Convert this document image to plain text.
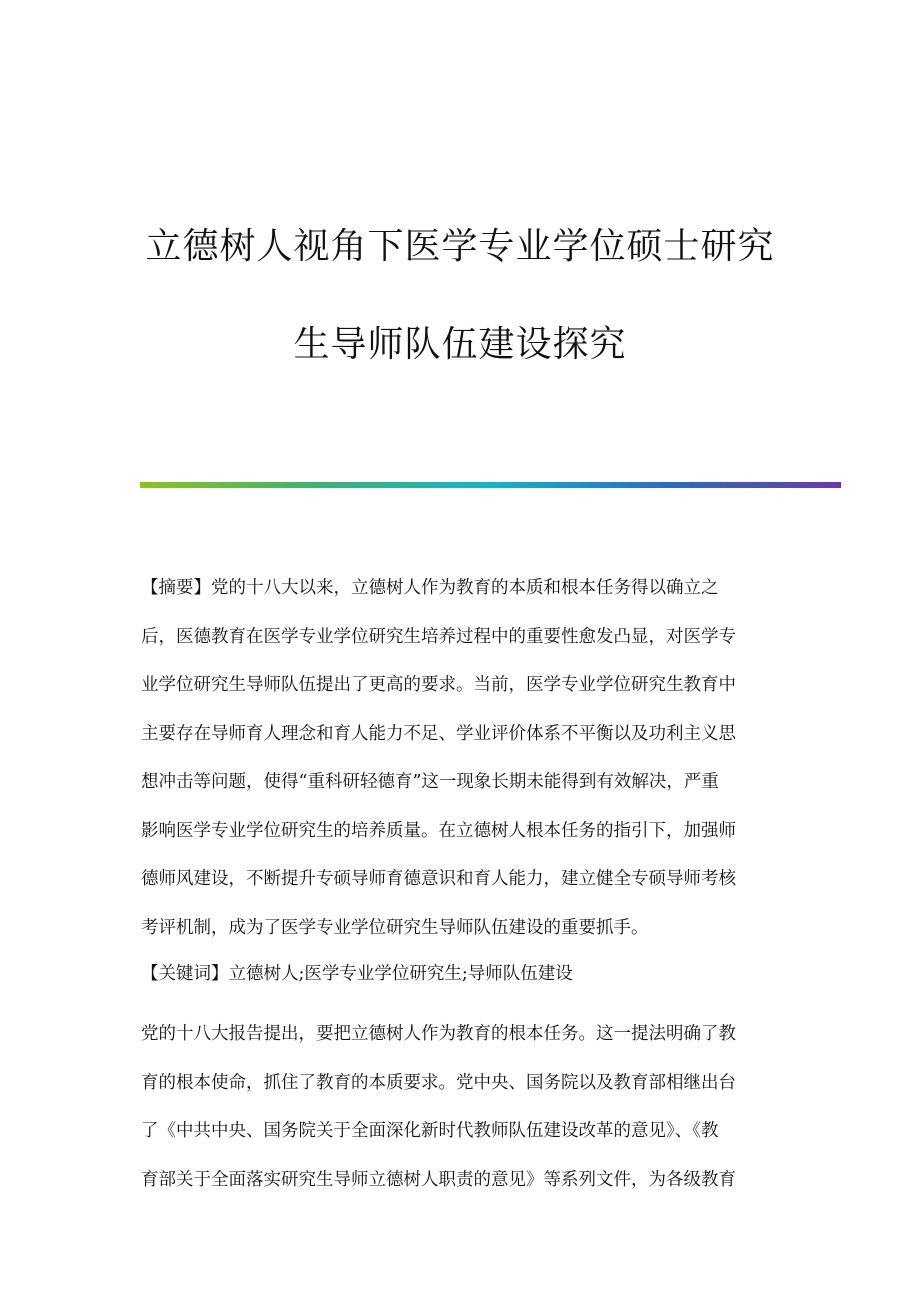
立德树人视角下医学专业学位硕士研究
生导师队伍建设探究
【摘要】党的十八大以来，立德树人作为教育的本质和根本任务得以确立之
后，医德教育在医学专业学位研究生培养过程中的重要性愈发凸显，对医学专
业学位研究生导师队伍提出了更高的要求。当前，医学专业学位研究生教育中
主要存在导师育人理念和育人能力不足、学业评价体系不平衡以及功利主义思
想冲击等问题，使得“重科研轻德育”这一现象长期未能得到有效解决，严重
影响医学专业学位研究生的培养质量。在立德树人根本任务的指引下，加强师
德师风建设，不断提升专硕导师育德意识和育人能力，建立健全专硕导师考核
考评机制，成为了医学专业学位研究生导师队伍建设的重要抓手。
【关键词】立德树人;医学专业学位研究生;导师队伍建设
党的十八大报告提出，要把立德树人作为教育的根本任务。这一提法明确了教
育的根本使命，抓住了教育的本质要求。党中央、国务院以及教育部相继出台
了《中共中央、国务院关于全面深化新时代教师队伍建设改革的意见》、《教
育部关于全面落实研究生导师立德树人职责的意见》等系列文件，为各级教育
